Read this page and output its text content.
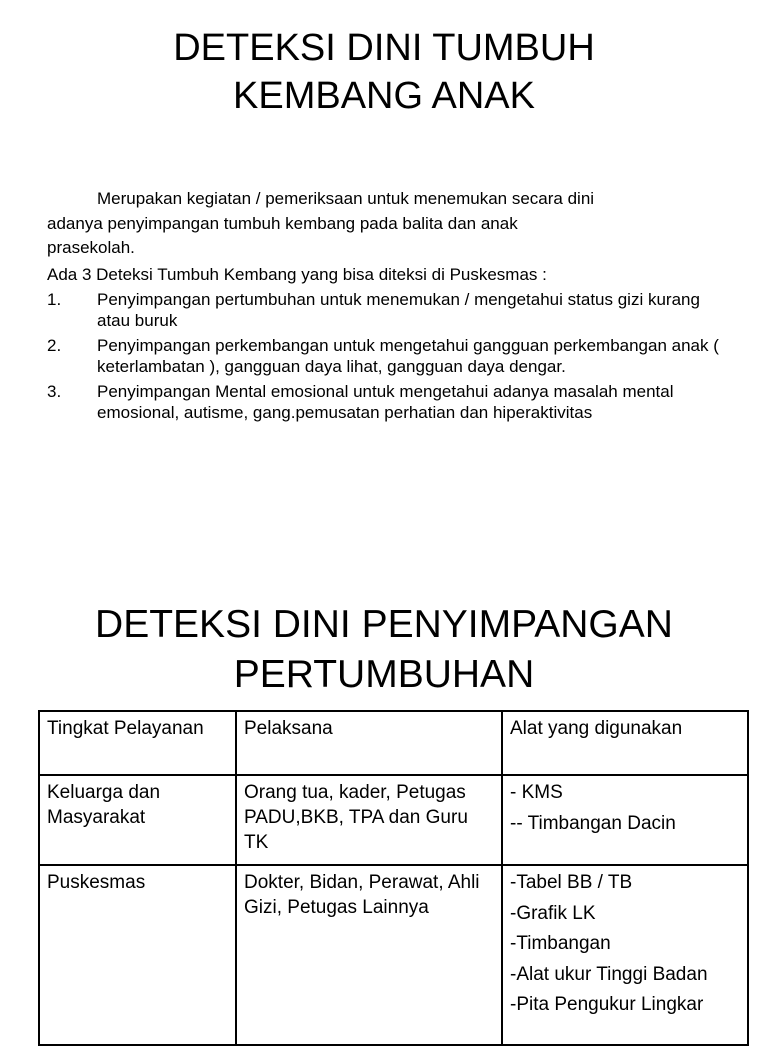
DETEKSI DINI TUMBUH
KEMBANG ANAK
Merupakan kegiatan / pemeriksaan untuk menemukan secara dini
adanya penyimpangan tumbuh kembang pada balita dan anak
prasekolah.
Ada 3 Deteksi Tumbuh Kembang yang bisa diteksi di Puskesmas :
1.	Penyimpangan pertumbuhan untuk menemukan / mengetahui status gizi kurang atau buruk
2.	Penyimpangan perkembangan untuk mengetahui gangguan perkembangan anak ( keterlambatan ), gangguan daya lihat, gangguan daya dengar.
3.	Penyimpangan Mental emosional untuk mengetahui adanya masalah mental emosional, autisme, gang.pemusatan perhatian dan hiperaktivitas
DETEKSI DINI PENYIMPANGAN
PERTUMBUHAN
Tingkat Pelayanan	Pelaksana	Alat yang digunakan
Keluarga dan Masyarakat	Orang tua, kader, Petugas PADU,BKB, TPA dan Guru TK	- KMS
-- Timbangan Dacin

Puskesmas	Dokter, Bidan, Perawat, Ahli Gizi, Petugas Lainnya	-Tabel BB / TB
-Grafik LK
-Timbangan
-Alat ukur Tinggi Badan
-Pita Pengukur Lingkar
